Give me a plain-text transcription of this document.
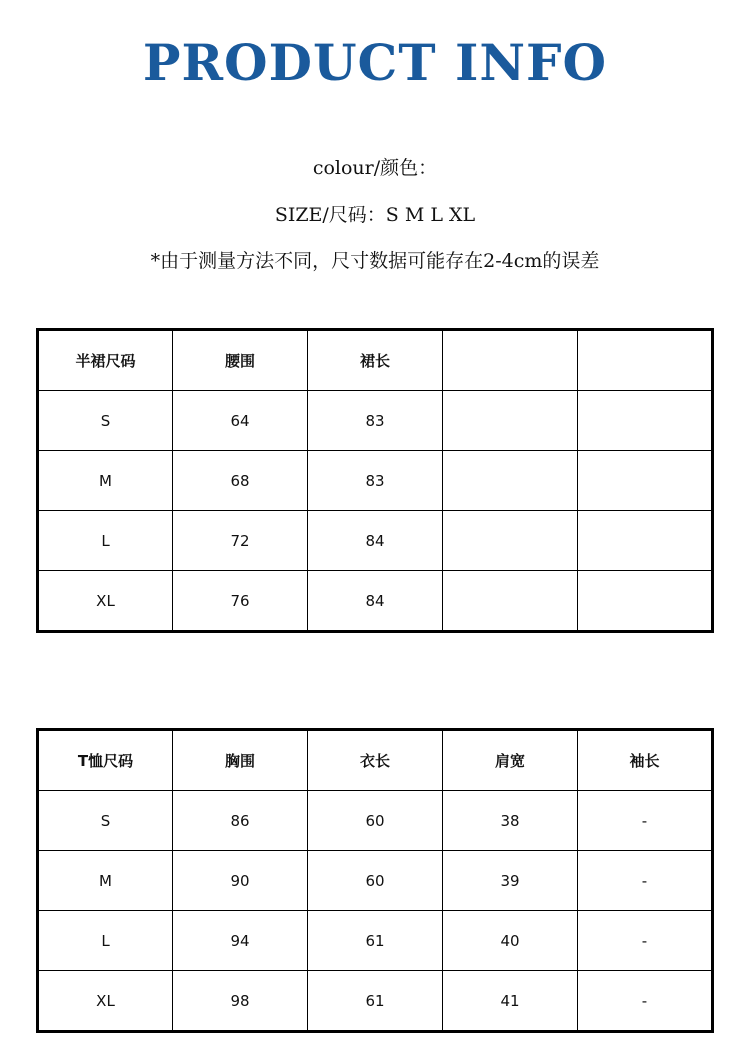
PRODUCT INFO
colour/颜色：
SIZE/尺码：S M L XL
*由于测量方法不同，尺寸数据可能存在2-4cm的误差
半裙尺码	腰围	裙长		
S	64	83		
M	68	83		
L	72	84		
XL	76	84		
T恤尺码	胸围	衣长	肩宽	袖长
S	86	60	38	-
M	90	60	39	-
L	94	61	40	-
XL	98	61	41	-
